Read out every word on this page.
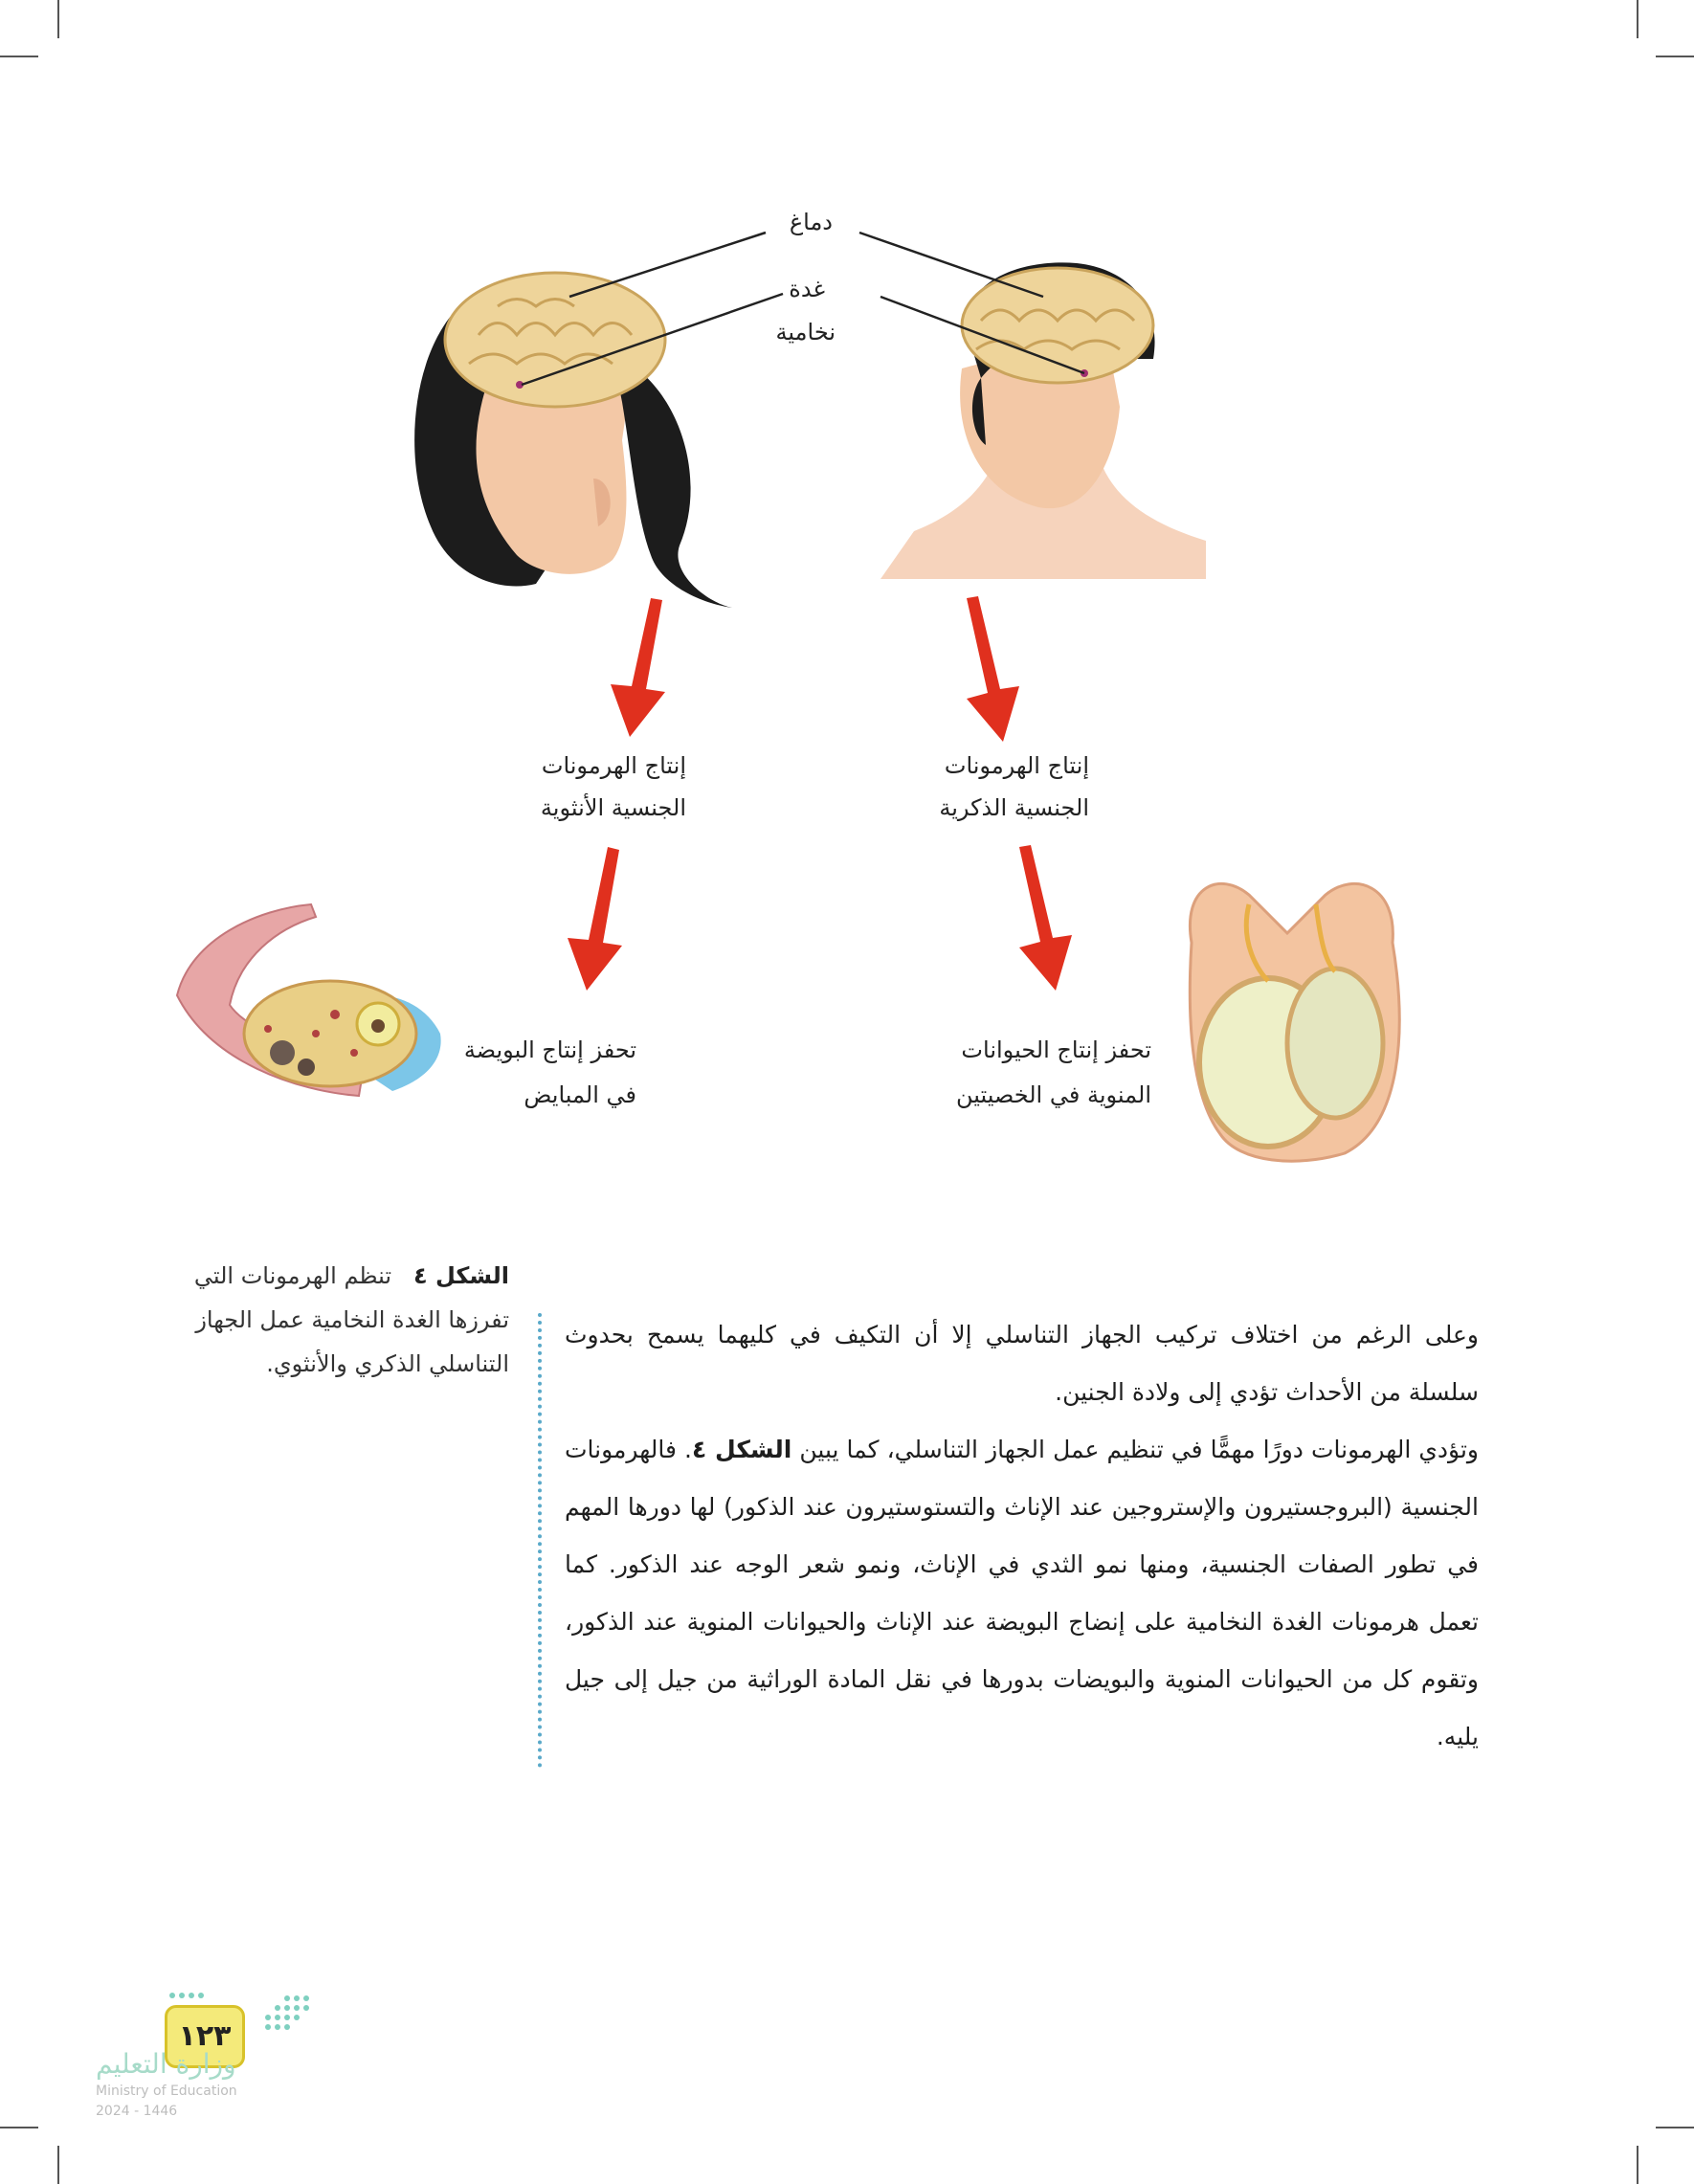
دماغ
غدة
نخامية
إنتاج الهرمونات
الجنسية الأنثوية
إنتاج الهرمونات
الجنسية الذكرية
تحفز إنتاج البويضة
في المبايض
تحفز إنتاج الحيوانات
المنوية في الخصيتين
الشكل ٤   تنظم الهرمونات التي تفرزها الغدة النخامية عمل الجهاز التناسلي الذكري والأنثوي.

وعلى الرغم من اختلاف تركيب الجهاز التناسلي إلا أن التكيف في كليهما يسمح بحدوث سلسلة من الأحداث تؤدي إلى ولادة الجنين.

وتؤدي الهرمونات دورًا مهمًّا في تنظيم عمل الجهاز التناسلي، كما يبين الشكل ٤. فالهرمونات الجنسية (البروجستيرون والإستروجين عند الإناث والتستوستيرون عند الذكور) لها دورها المهم في تطور الصفات الجنسية، ومنها نمو الثدي في الإناث، ونمو شعر الوجه عند الذكور. كما تعمل هرمونات الغدة النخامية على إنضاج البويضة عند الإناث والحيوانات المنوية عند الذكور، وتقوم كل من الحيوانات المنوية والبويضات بدورها في نقل المادة الوراثية من جيل إلى جيل يليه.

١٢٣
وزارة التعليم
Ministry of Education
2024 - 1446
